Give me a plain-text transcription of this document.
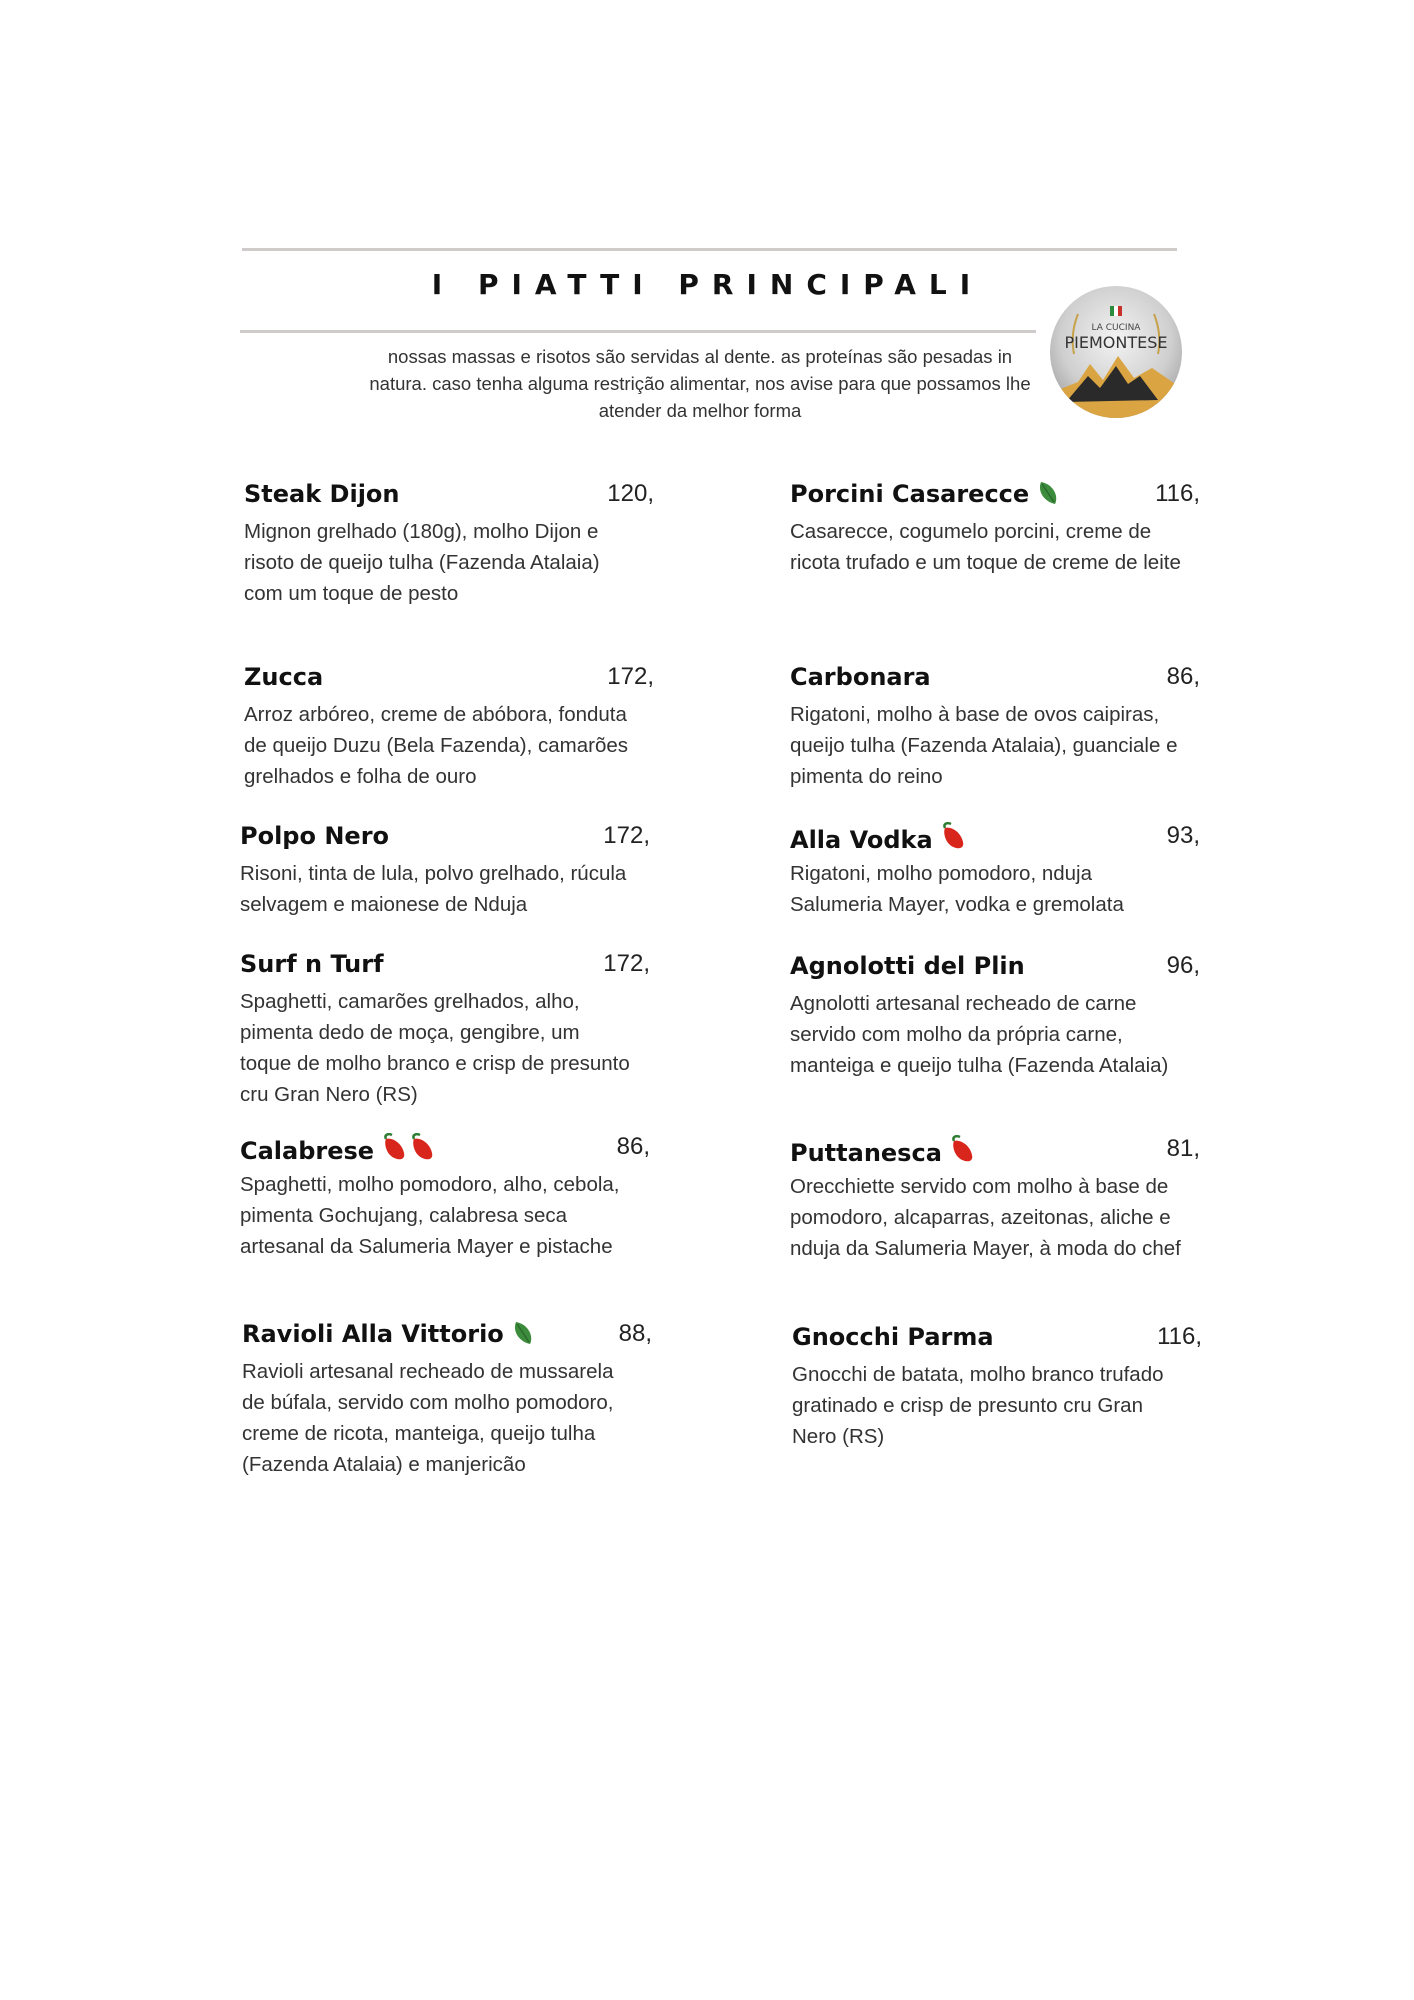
I PIATTI PRINCIPALI
nossas massas e risotos são servidas al dente. as proteínas são pesadas in natura. caso tenha alguma restrição alimentar, nos avise para que possamos lhe atender da melhor forma
LA CUCINA
PIEMONTESE
Steak Dijon	120,
Mignon grelhado (180g), molho Dijon e risoto de queijo tulha (Fazenda Atalaia) com um toque de pesto
Zucca	172,
Arroz arbóreo, creme de abóbora, fonduta de queijo Duzu (Bela Fazenda), camarões grelhados e folha de ouro
Polpo Nero	172,
Risoni, tinta de lula, polvo grelhado, rúcula selvagem e maionese de Nduja
Surf n Turf	172,
Spaghetti, camarões grelhados, alho, pimenta dedo de moça, gengibre, um toque de molho branco e crisp de presunto cru Gran Nero (RS)
Calabrese	86,
Spaghetti, molho pomodoro, alho, cebola, pimenta Gochujang, calabresa seca artesanal da Salumeria Mayer e pistache
Ravioli Alla Vittorio	88,
Ravioli artesanal recheado de mussarela de búfala, servido com molho pomodoro, creme de ricota, manteiga, queijo tulha (Fazenda Atalaia) e manjericão
Porcini Casarecce	116,
Casarecce, cogumelo porcini, creme de ricota trufado e um toque de creme de leite
Carbonara	86,
Rigatoni, molho à base de ovos caipiras, queijo tulha (Fazenda Atalaia), guanciale e pimenta do reino
Alla Vodka	93,
Rigatoni, molho pomodoro, nduja Salumeria Mayer, vodka e gremolata
Agnolotti del Plin	96,
Agnolotti artesanal recheado de carne servido com molho da própria carne, manteiga e queijo tulha (Fazenda Atalaia)
Puttanesca	81,
Orecchiette servido com molho à base de pomodoro, alcaparras, azeitonas, aliche e nduja da Salumeria Mayer, à moda do chef
Gnocchi Parma	116,
Gnocchi de batata, molho branco trufado gratinado e crisp de presunto cru Gran Nero (RS)
